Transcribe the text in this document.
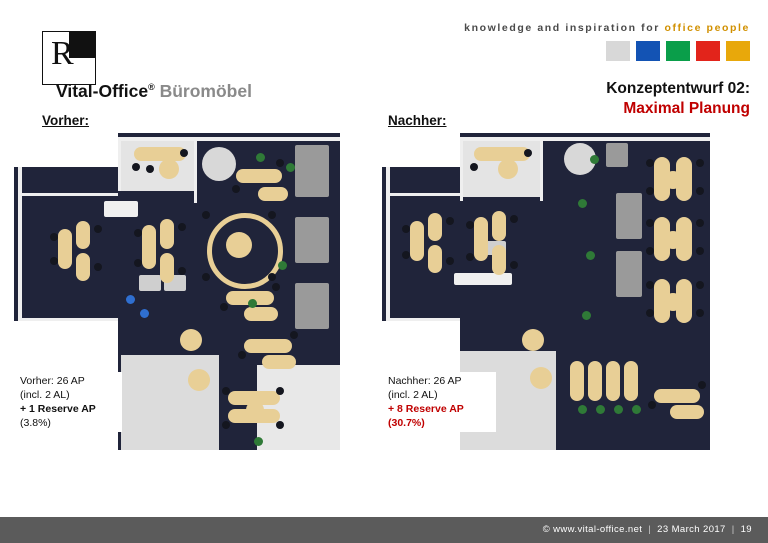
knowledge and inspiration for office people
R
Vital-Office® Büromöbel	Konzeptentwurf 02:
Maximal Planung
Vorher:	Nachher:
Vorher: 26 AP
(incl. 2 AL)
+ 1 Reserve AP
(3.8%)
Nachher: 26 AP
(incl. 2 AL)
+ 8 Reserve AP
(30.7%)
© www.vital-office.net | 23 March 2017 | 19
